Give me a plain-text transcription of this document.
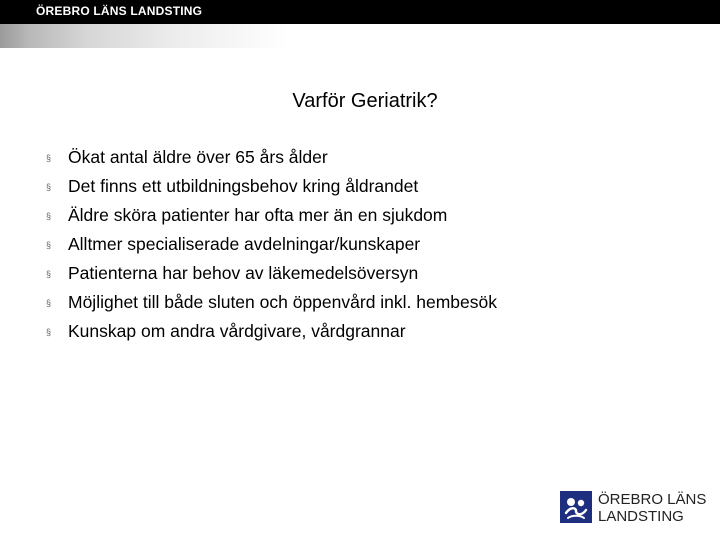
ÖREBRO LÄNS LANDSTING
Varför Geriatrik?
§ Ökat antal äldre över 65 års ålder
§ Det finns ett utbildningsbehov kring åldrandet
§ Äldre sköra patienter har ofta mer än en sjukdom
§ Alltmer specialiserade avdelningar/kunskaper
§ Patienterna har behov av läkemedelsöversyn
§ Möjlighet till både sluten och öppenvård inkl. hembesök
§ Kunskap om andra vårdgivare, vårdgrannar
ÖREBRO LÄNS
LANDSTING
